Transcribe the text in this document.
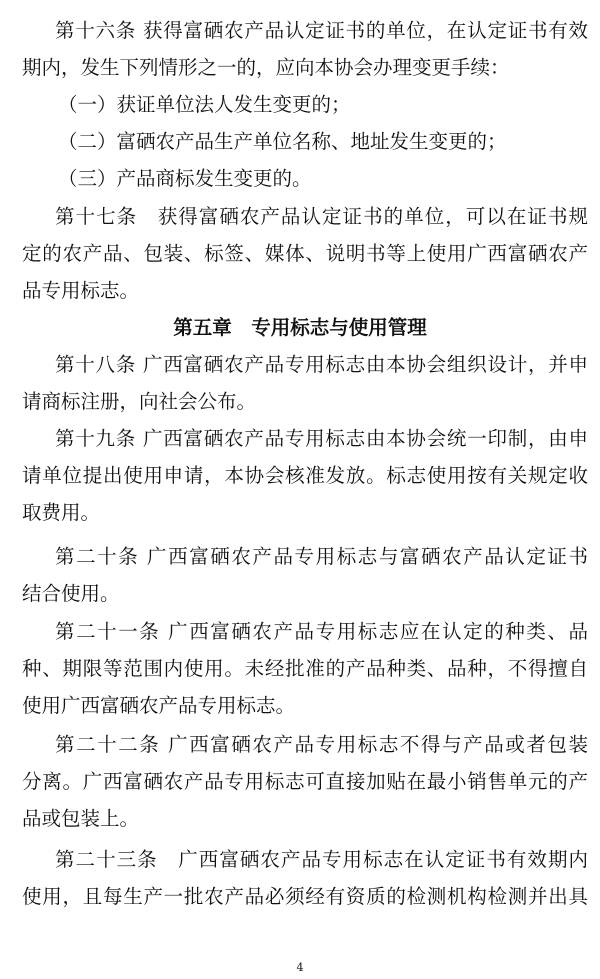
第十六条 获得富硒农产品认定证书的单位，在认定证书有效
期内，发生下列情形之一的，应向本协会办理变更手续：
（一）获证单位法人发生变更的；
（二）富硒农产品生产单位名称、地址发生变更的；
（三）产品商标发生变更的。
第十七条　获得富硒农产品认定证书的单位，可以在证书规
定的农产品、包装、标签、媒体、说明书等上使用广西富硒农产
品专用标志。
第五章　专用标志与使用管理
第十八条 广西富硒农产品专用标志由本协会组织设计，并申
请商标注册，向社会公布。
第十九条 广西富硒农产品专用标志由本协会统一印制，由申
请单位提出使用申请，本协会核准发放。标志使用按有关规定收
取费用。
第二十条 广西富硒农产品专用标志与富硒农产品认定证书
结合使用。
第二十一条 广西富硒农产品专用标志应在认定的种类、品
种、期限等范围内使用。未经批准的产品种类、品种，不得擅自
使用广西富硒农产品专用标志。
第二十二条 广西富硒农产品专用标志不得与产品或者包装
分离。广西富硒农产品专用标志可直接加贴在最小销售单元的产
品或包装上。
第二十三条　广西富硒农产品专用标志在认定证书有效期内
使用，且每生产一批农产品必须经有资质的检测机构检测并出具
4
